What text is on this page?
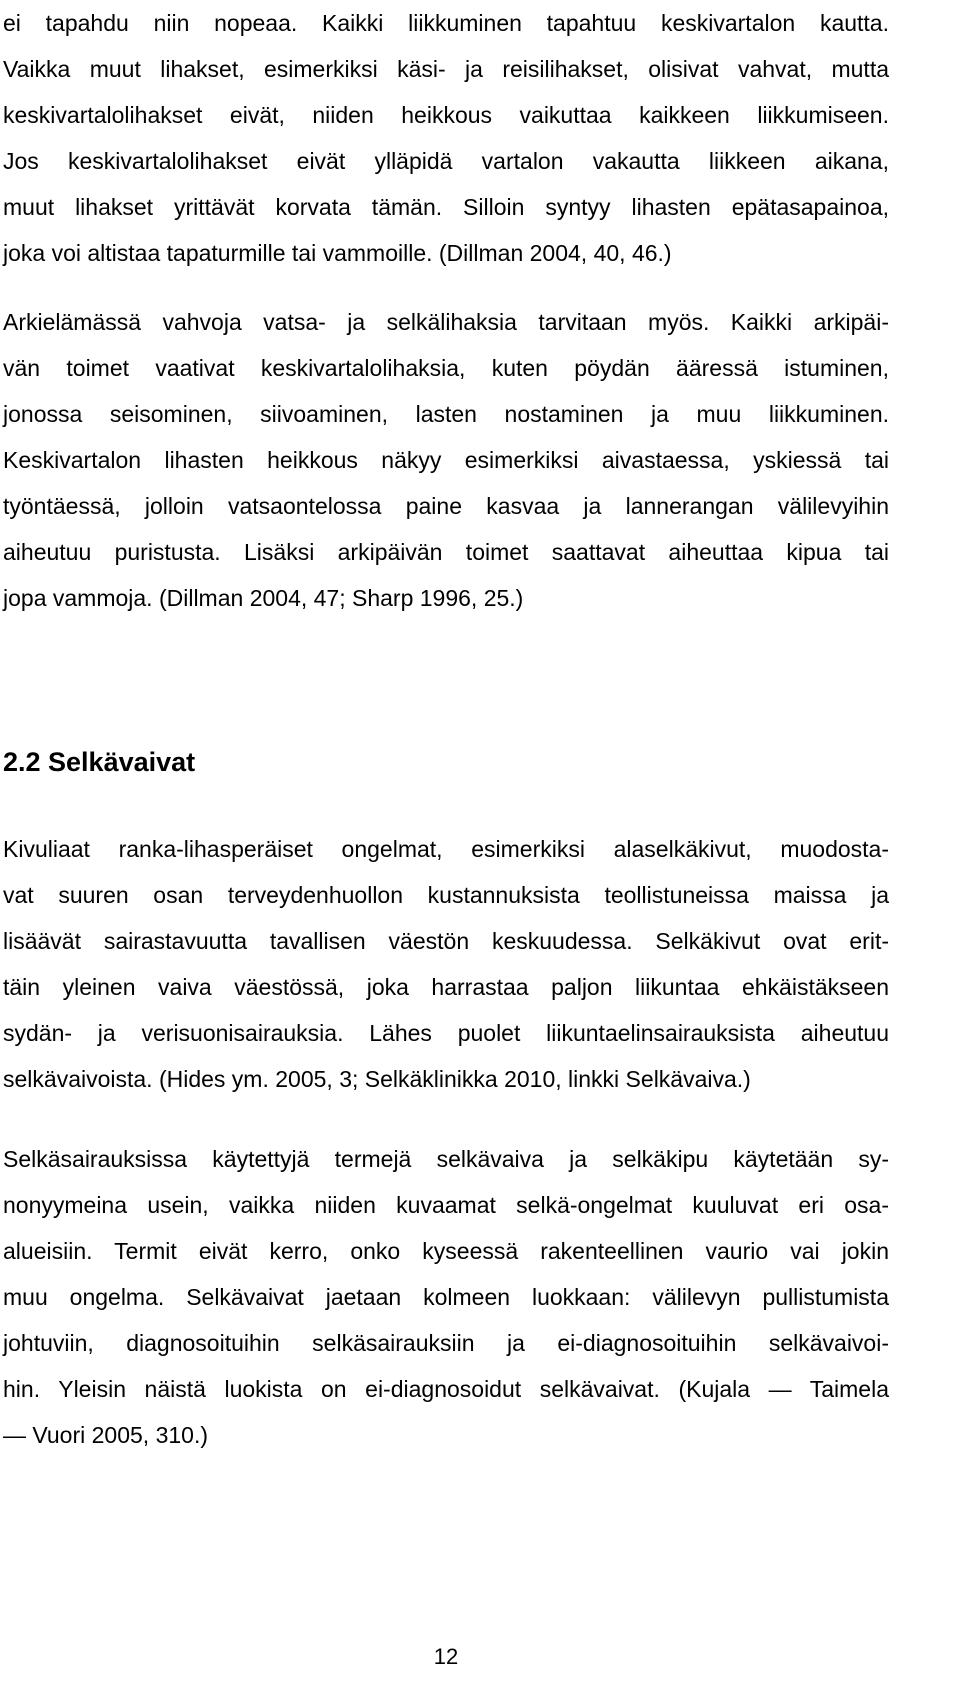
ei tapahdu niin nopeaa. Kaikki liikkuminen tapahtuu keskivartalon kautta.
Vaikka muut lihakset, esimerkiksi käsi- ja reisilihakset, olisivat vahvat, mutta
keskivartalolihakset eivät, niiden heikkous vaikuttaa kaikkeen liikkumiseen.
Jos keskivartalolihakset eivät ylläpidä vartalon vakautta liikkeen aikana,
muut lihakset yrittävät korvata tämän. Silloin syntyy lihasten epätasapainoa,
joka voi altistaa tapaturmille tai vammoille. (Dillman 2004, 40, 46.)
Arkielämässä vahvoja vatsa- ja selkälihaksia tarvitaan myös. Kaikki arkipäi-
vän toimet vaativat keskivartalolihaksia, kuten pöydän ääressä istuminen,
jonossa seisominen, siivoaminen, lasten nostaminen ja muu liikkuminen.
Keskivartalon lihasten heikkous näkyy esimerkiksi aivastaessa, yskiessä tai
työntäessä, jolloin vatsaontelossa paine kasvaa ja lannerangan välilevyihin
aiheutuu puristusta. Lisäksi arkipäivän toimet saattavat aiheuttaa kipua tai
jopa vammoja. (Dillman 2004, 47; Sharp 1996, 25.)
2.2 Selkävaivat
Kivuliaat ranka-lihasperäiset ongelmat, esimerkiksi alaselkäkivut, muodosta-
vat suuren osan terveydenhuollon kustannuksista teollistuneissa maissa ja
lisäävät sairastavuutta tavallisen väestön keskuudessa. Selkäkivut ovat erit-
täin yleinen vaiva väestössä, joka harrastaa paljon liikuntaa ehkäistäkseen
sydän- ja verisuonisairauksia. Lähes puolet liikuntaelinsairauksista aiheutuu
selkävaivoista. (Hides ym. 2005, 3; Selkäklinikka 2010, linkki Selkävaiva.)
Selkäsairauksissa käytettyjä termejä selkävaiva ja selkäkipu käytetään sy-
nonyymeina usein, vaikka niiden kuvaamat selkä-ongelmat kuuluvat eri osa-
alueisiin. Termit eivät kerro, onko kyseessä rakenteellinen vaurio vai jokin
muu ongelma. Selkävaivat jaetaan kolmeen luokkaan: välilevyn pullistumista
johtuviin, diagnosoituihin selkäsairauksiin ja ei-diagnosoituihin selkävaivoi-
hin. Yleisin näistä luokista on ei-diagnosoidut selkävaivat. (Kujala — Taimela
— Vuori 2005, 310.)
12
